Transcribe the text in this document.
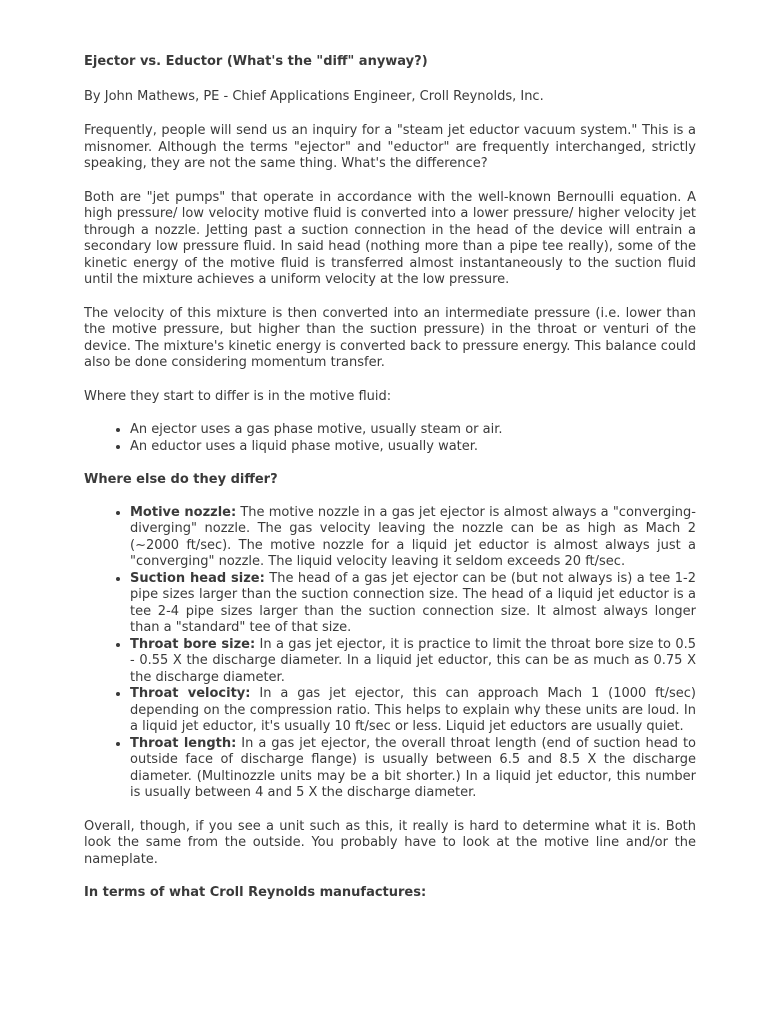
Ejector vs. Eductor (What's the "diff" anyway?)

By John Mathews, PE - Chief Applications Engineer, Croll Reynolds, Inc.

Frequently, people will send us an inquiry for a "steam jet eductor vacuum system." This is a misnomer. Although the terms "ejector" and "eductor" are frequently interchanged, strictly speaking, they are not the same thing. What's the difference?

Both are "jet pumps" that operate in accordance with the well-known Bernoulli equation. A high pressure/ low velocity motive fluid is converted into a lower pressure/ higher velocity jet through a nozzle. Jetting past a suction connection in the head of the device will entrain a secondary low pressure fluid. In said head (nothing more than a pipe tee really), some of the kinetic energy of the motive fluid is transferred almost instantaneously to the suction fluid until the mixture achieves a uniform velocity at the low pressure.

The velocity of this mixture is then converted into an intermediate pressure (i.e. lower than the motive pressure, but higher than the suction pressure) in the throat or venturi of the device. The mixture's kinetic energy is converted back to pressure energy. This balance could also be done considering momentum transfer.

Where they start to differ is in the motive fluid:

• An ejector uses a gas phase motive, usually steam or air.
• An eductor uses a liquid phase motive, usually water.
Where else do they differ?
• Motive nozzle: The motive nozzle in a gas jet ejector is almost always a "converging-diverging" nozzle. The gas velocity leaving the nozzle can be as high as Mach 2 (~2000 ft/sec). The motive nozzle for a liquid jet eductor is almost always just a "converging" nozzle. The liquid velocity leaving it seldom exceeds 20 ft/sec.
• Suction head size: The head of a gas jet ejector can be (but not always is) a tee 1-2 pipe sizes larger than the suction connection size. The head of a liquid jet eductor is a tee 2-4 pipe sizes larger than the suction connection size. It almost always longer than a "standard" tee of that size.
• Throat bore size: In a gas jet ejector, it is practice to limit the throat bore size to 0.5 - 0.55 X the discharge diameter. In a liquid jet eductor, this can be as much as 0.75 X the discharge diameter.
• Throat velocity: In a gas jet ejector, this can approach Mach 1 (1000 ft/sec) depending on the compression ratio. This helps to explain why these units are loud. In a liquid jet eductor, it's usually 10 ft/sec or less. Liquid jet eductors are usually quiet.
• Throat length: In a gas jet ejector, the overall throat length (end of suction head to outside face of discharge flange) is usually between 6.5 and 8.5 X the discharge diameter. (Multinozzle units may be a bit shorter.) In a liquid jet eductor, this number is usually between 4 and 5 X the discharge diameter.

Overall, though, if you see a unit such as this, it really is hard to determine what it is. Both look the same from the outside. You probably have to look at the motive line and/or the nameplate.

In terms of what Croll Reynolds manufactures:
